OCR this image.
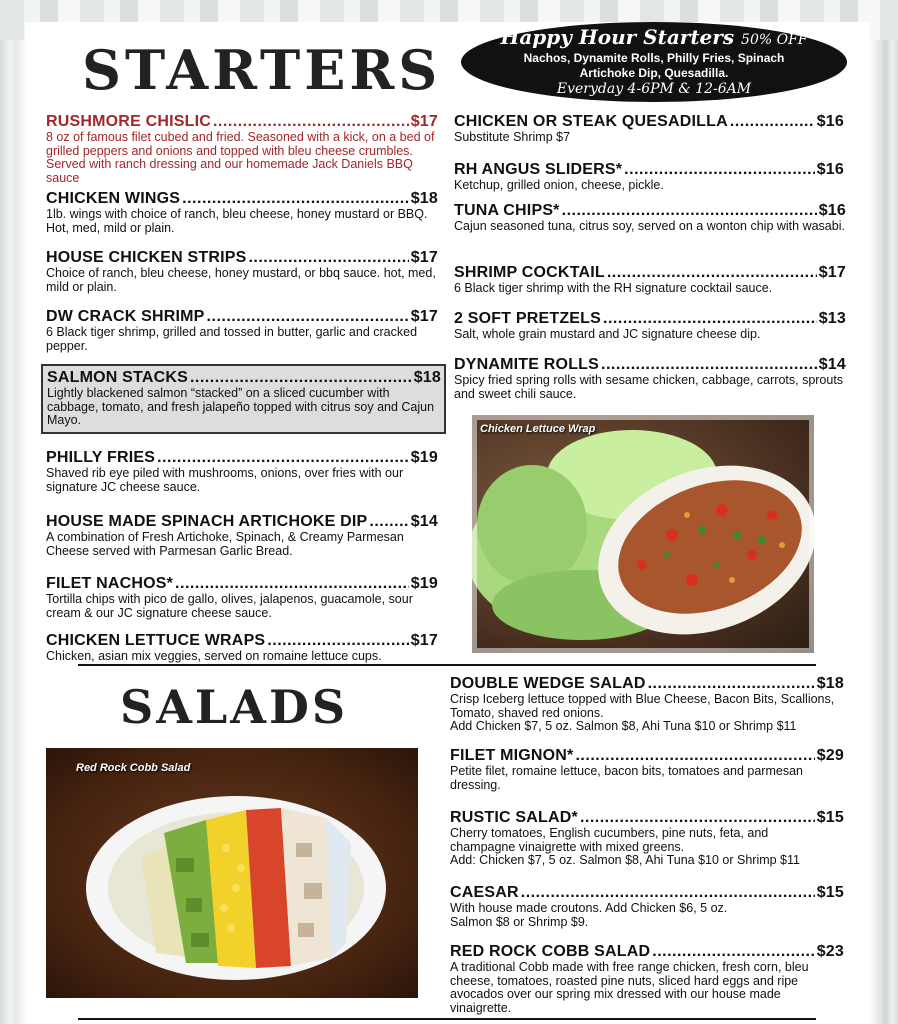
STARTERS
Happy Hour Starters 50% OFF
Nachos, Dynamite Rolls, Philly Fries, Spinach
Artichoke Dip, Quesadilla.
Everyday 4-6PM & 12-6AM
RUSHMORE CHISLIC .....	$17
8 oz of famous filet cubed and fried. Seasoned with a kick, on a bed of grilled peppers and onions and topped with bleu cheese crumbles. Served with ranch dressing and our homemade Jack Daniels BBQ sauce
CHICKEN WINGS .....	$18
1lb. wings with choice of ranch, bleu cheese, honey mustard or BBQ. Hot, med, mild or plain.
HOUSE CHICKEN STRIPS .....	$17
Choice of ranch, bleu cheese, honey mustard, or bbq sauce. hot, med, mild or plain.
DW CRACK SHRIMP .....	$17
6 Black tiger shrimp, grilled and tossed in butter, garlic and cracked pepper.
SALMON STACKS .....	$18
Lightly blackened salmon “stacked” on a sliced cucumber with cabbage, tomato, and fresh jalapeño topped with citrus soy and Cajun Mayo.
PHILLY FRIES .....	$19
Shaved rib eye piled with mushrooms, onions, over fries with our signature JC cheese sauce.
HOUSE MADE SPINACH ARTICHOKE DIP .....	$14
A combination of Fresh Artichoke, Spinach, & Creamy Parmesan Cheese served with Parmesan Garlic Bread.
FILET NACHOS* .....	$19
Tortilla chips with pico de gallo, olives, jalapenos, guacamole, sour cream & our JC signature cheese sauce.
CHICKEN LETTUCE WRAPS .....	$17
Chicken, asian mix veggies, served on romaine lettuce cups.
CHICKEN OR STEAK QUESADILLA .....	$16
Substitute Shrimp $7
RH ANGUS SLIDERS* .....	$16
Ketchup, grilled onion, cheese, pickle.
TUNA CHIPS* .....	$16
Cajun seasoned tuna, citrus soy, served on a wonton chip with wasabi.
SHRIMP COCKTAIL .....	$17
6 Black tiger shrimp with the RH signature cocktail sauce.
2 SOFT PRETZELS .....	$13
Salt, whole grain mustard and JC signature cheese dip.
DYNAMITE ROLLS .....	$14
Spicy fried spring rolls with sesame chicken, cabbage, carrots, sprouts and sweet chili sauce.
Chicken Lettuce Wrap
SALADS
Red Rock Cobb Salad
DOUBLE WEDGE SALAD .....	$18
Crisp Iceberg lettuce topped with Blue Cheese, Bacon Bits, Scallions, Tomato, shaved red onions.
Add Chicken $7, 5 oz. Salmon $8, Ahi Tuna $10 or Shrimp $11
FILET MIGNON* .....	$29
Petite filet, romaine lettuce, bacon bits, tomatoes and parmesan dressing.
RUSTIC SALAD* .....	$15
Cherry tomatoes, English cucumbers, pine nuts, feta, and champagne vinaigrette with mixed greens.
Add: Chicken $7, 5 oz. Salmon $8, Ahi Tuna $10 or Shrimp $11
CAESAR .....	$15
With house made croutons. Add Chicken $6, 5 oz. Salmon $8 or Shrimp $9.
RED ROCK COBB SALAD .....	$23
A traditional Cobb made with free range chicken, fresh corn, bleu cheese, tomatoes, roasted pine nuts, sliced hard eggs and ripe avocados over our spring mix dressed with our house made vinaigrette.
